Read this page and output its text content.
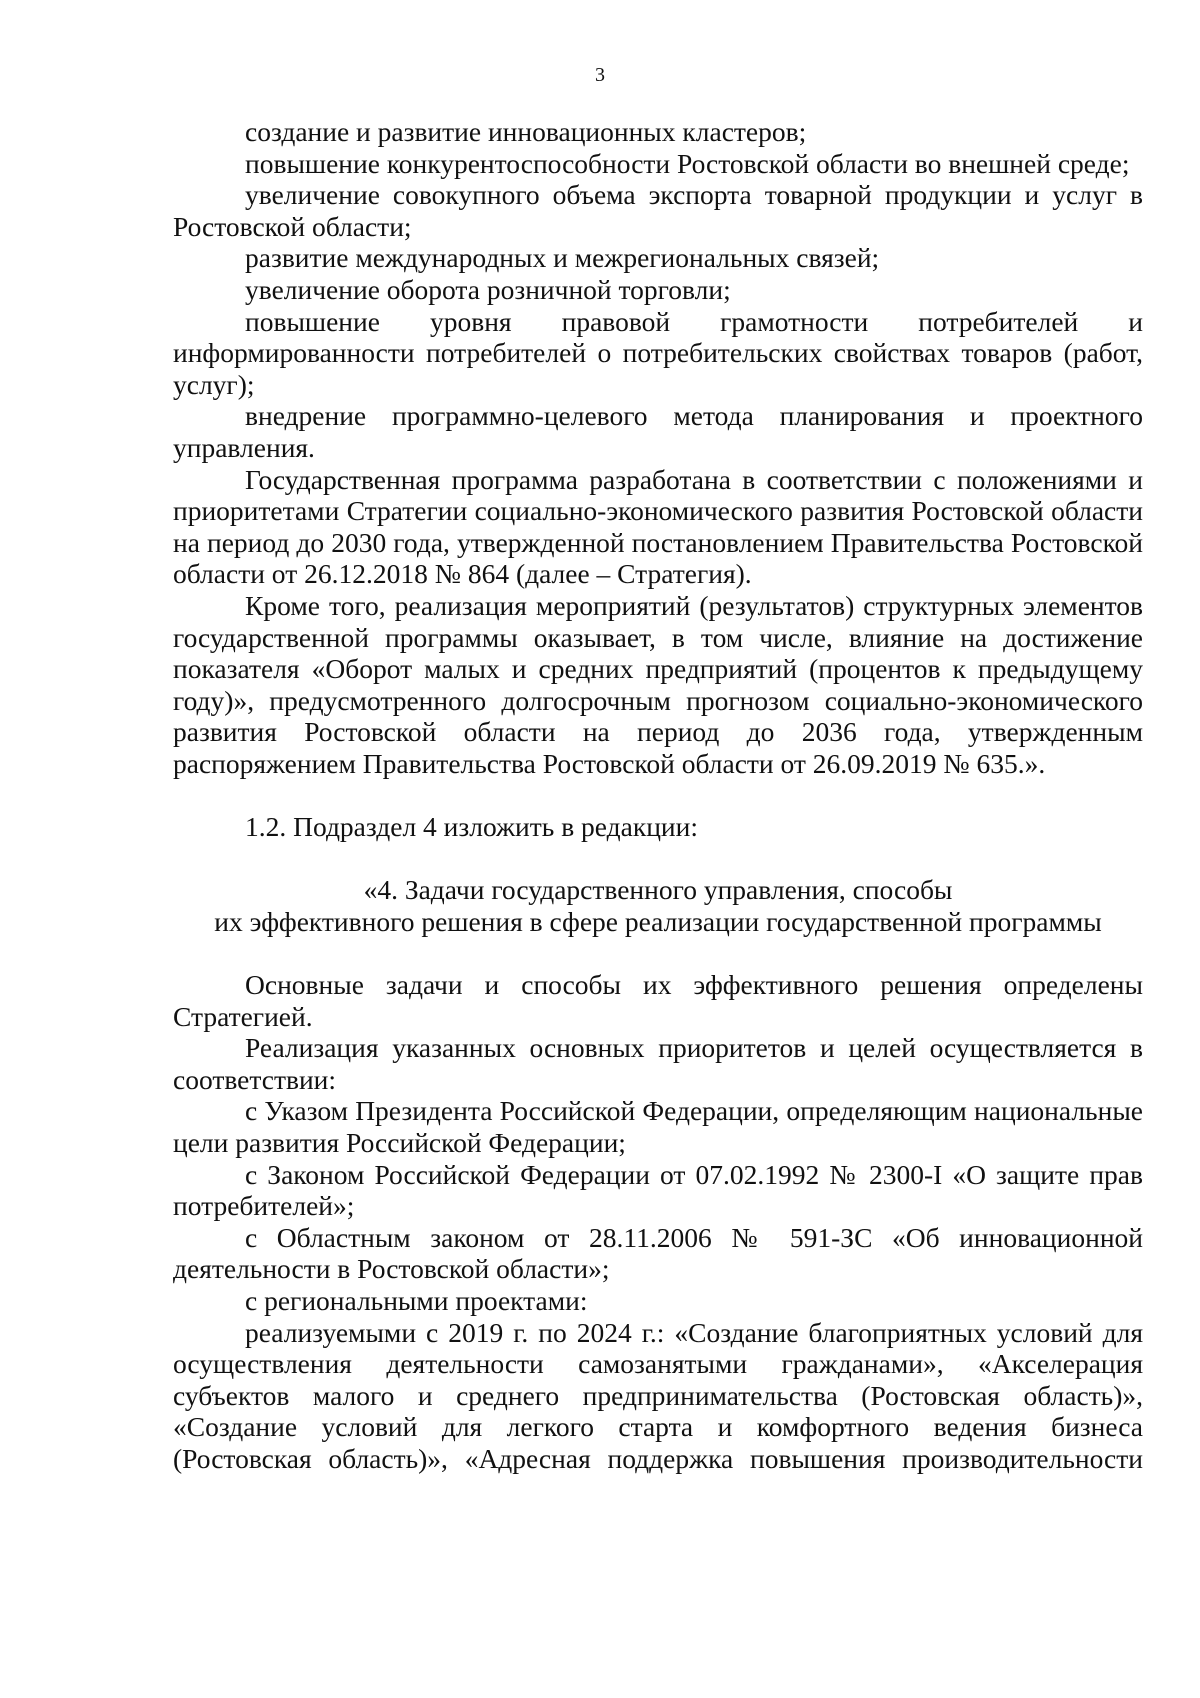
3

создание и развитие инновационных кластеров;

повышение конкурентоспособности Ростовской области во внешней среде;

увеличение совокупного объема экспорта товарной продукции и услуг в Ростовской области;

развитие международных и межрегиональных связей;

увеличение оборота розничной торговли;

повышение уровня правовой грамотности потребителей и информированности потребителей о потребительских свойствах товаров (работ, услуг);

внедрение программно-целевого метода планирования и проектного управления.

Государственная программа разработана в соответствии с положениями и приоритетами Стратегии социально-экономического развития Ростовской области на период до 2030 года, утвержденной постановлением Правительства Ростовской области от 26.12.2018 № 864 (далее – Стратегия).

Кроме того, реализация мероприятий (результатов) структурных элементов государственной программы оказывает, в том числе, влияние на достижение показателя «Оборот малых и средних предприятий (процентов к предыдущему году)», предусмотренного долгосрочным прогнозом социально-экономического развития Ростовской области на период до 2036 года, утвержденным распоряжением Правительства Ростовской области от 26.09.2019 № 635.».

1.2. Подраздел 4 изложить в редакции:

«4. Задачи государственного управления, способы

их эффективного решения в сфере реализации государственной программы

Основные задачи и способы их эффективного решения определены Стратегией.

Реализация указанных основных приоритетов и целей осуществляется в соответствии:

с Указом Президента Российской Федерации, определяющим национальные цели развития Российской Федерации;

с Законом Российской Федерации от 07.02.1992 № 2300-I «О защите прав потребителей»;

с Областным законом от 28.11.2006 № 591-ЗС «Об инновационной деятельности в Ростовской области»;

с региональными проектами:

реализуемыми с 2019 г. по 2024 г.: «Создание благоприятных условий для осуществления деятельности самозанятыми гражданами», «Акселерация субъектов малого и среднего предпринимательства (Ростовская область)», «Создание условий для легкого старта и комфортного ведения бизнеса (Ростовская область)», «Адресная поддержка повышения производительности
